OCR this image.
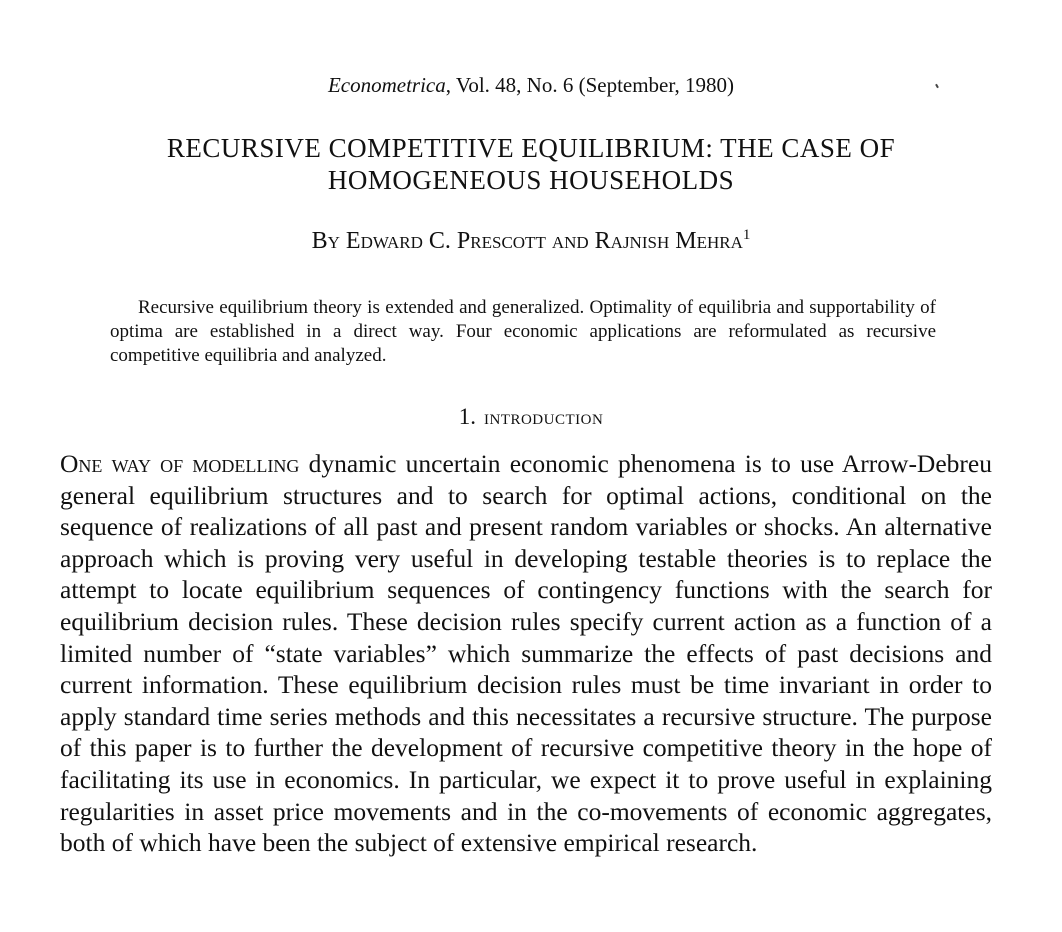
Econometrica, Vol. 48, No. 6 (September, 1980)
RECURSIVE COMPETITIVE EQUILIBRIUM: THE CASE OF
HOMOGENEOUS HOUSEHOLDS
By Edward C. Prescott and Rajnish Mehra$^1$

Recursive equilibrium theory is extended and generalized. Optimality of equilibria and supportability of optima are established in a direct way. Four economic applications are reformulated as recursive competitive equilibria and analyzed.

1. introduction

One way of modelling dynamic uncertain economic phenomena is to use Arrow-Debreu general equilibrium structures and to search for optimal actions, conditional on the sequence of realizations of all past and present random variables or shocks. An alternative approach which is proving very useful in developing testable theories is to replace the attempt to locate equilibrium sequences of contingency functions with the search for equilibrium decision rules. These decision rules specify current action as a function of a limited number of “state variables” which summarize the effects of past decisions and current information. These equilibrium decision rules must be time invariant in order to apply standard time series methods and this necessitates a recursive structure. The purpose of this paper is to further the development of recursive competitive theory in the hope of facilitating its use in economics. In particular, we expect it to prove useful in explaining regularities in asset price movements and in the co-movements of economic aggregates, both of which have been the subject of extensive empirical research.
